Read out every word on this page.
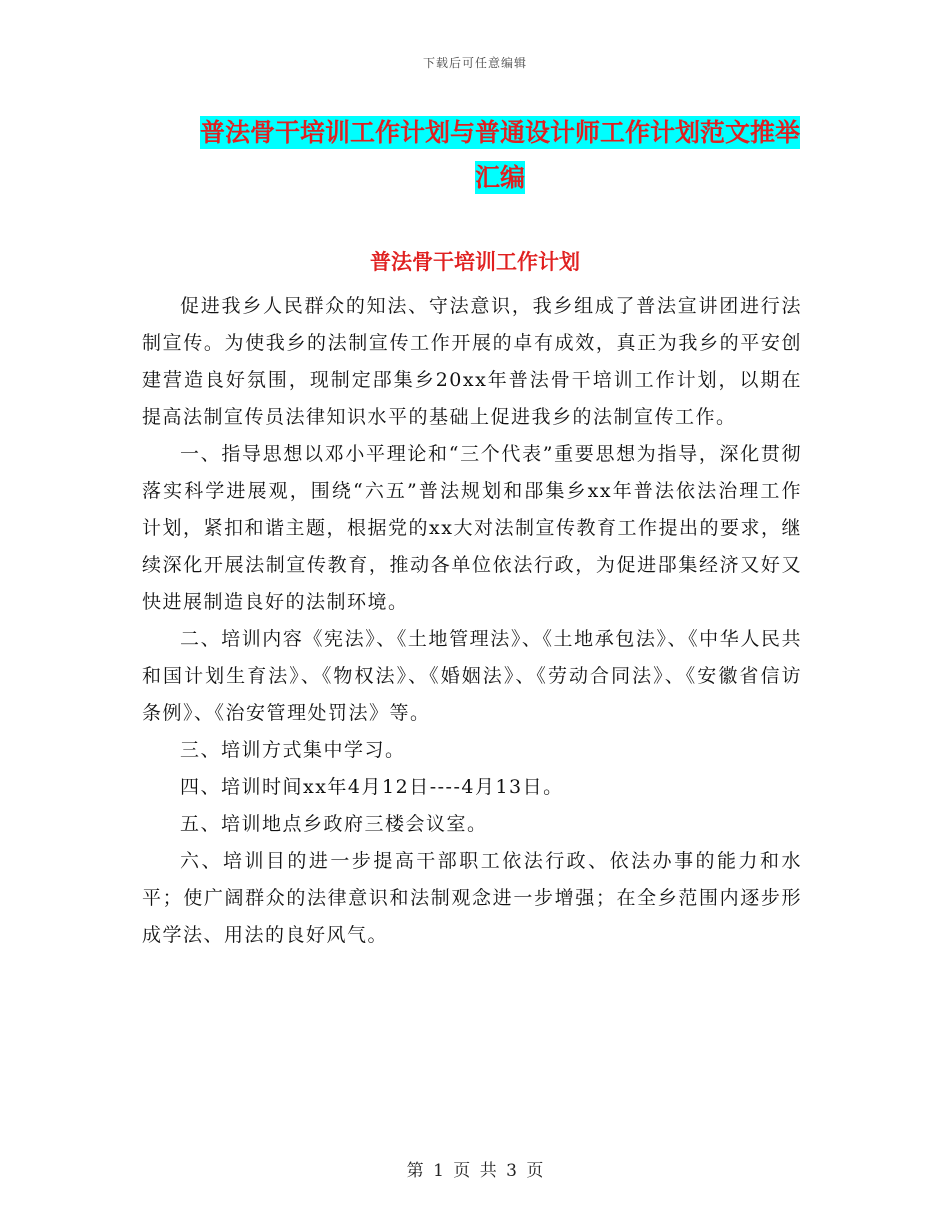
下载后可任意编辑
普法骨干培训工作计划与普通设计师工作计划范文推举汇编
普法骨干培训工作计划

促进我乡人民群众的知法、守法意识，我乡组成了普法宣讲团进行法制宣传。为使我乡的法制宣传工作开展的卓有成效，真正为我乡的平安创建营造良好氛围，现制定郘集乡20xx年普法骨干培训工作计划，以期在提高法制宣传员法律知识水平的基础上促进我乡的法制宣传工作。

一、指导思想以邓小平理论和“三个代表”重要思想为指导，深化贯彻落实科学进展观，围绕“六五”普法规划和郘集乡xx年普法依法治理工作计划，紧扣和谐主题，根据党的xx大对法制宣传教育工作提出的要求，继续深化开展法制宣传教育，推动各单位依法行政，为促进郘集经济又好又快进展制造良好的法制环境。

二、培训内容《宪法》、《土地管理法》、《土地承包法》、《中华人民共和国计划生育法》、《物权法》、《婚姻法》、《劳动合同法》、《安徽省信访条例》、《治安管理处罚法》等。

三、培训方式集中学习。

四、培训时间xx年4月12日----4月13日。

五、培训地点乡政府三楼会议室。

六、培训目的进一步提高干部职工依法行政、依法办事的能力和水平；使广阔群众的法律意识和法制观念进一步增强；在全乡范围内逐步形成学法、用法的良好风气。

第 1 页 共 3 页
